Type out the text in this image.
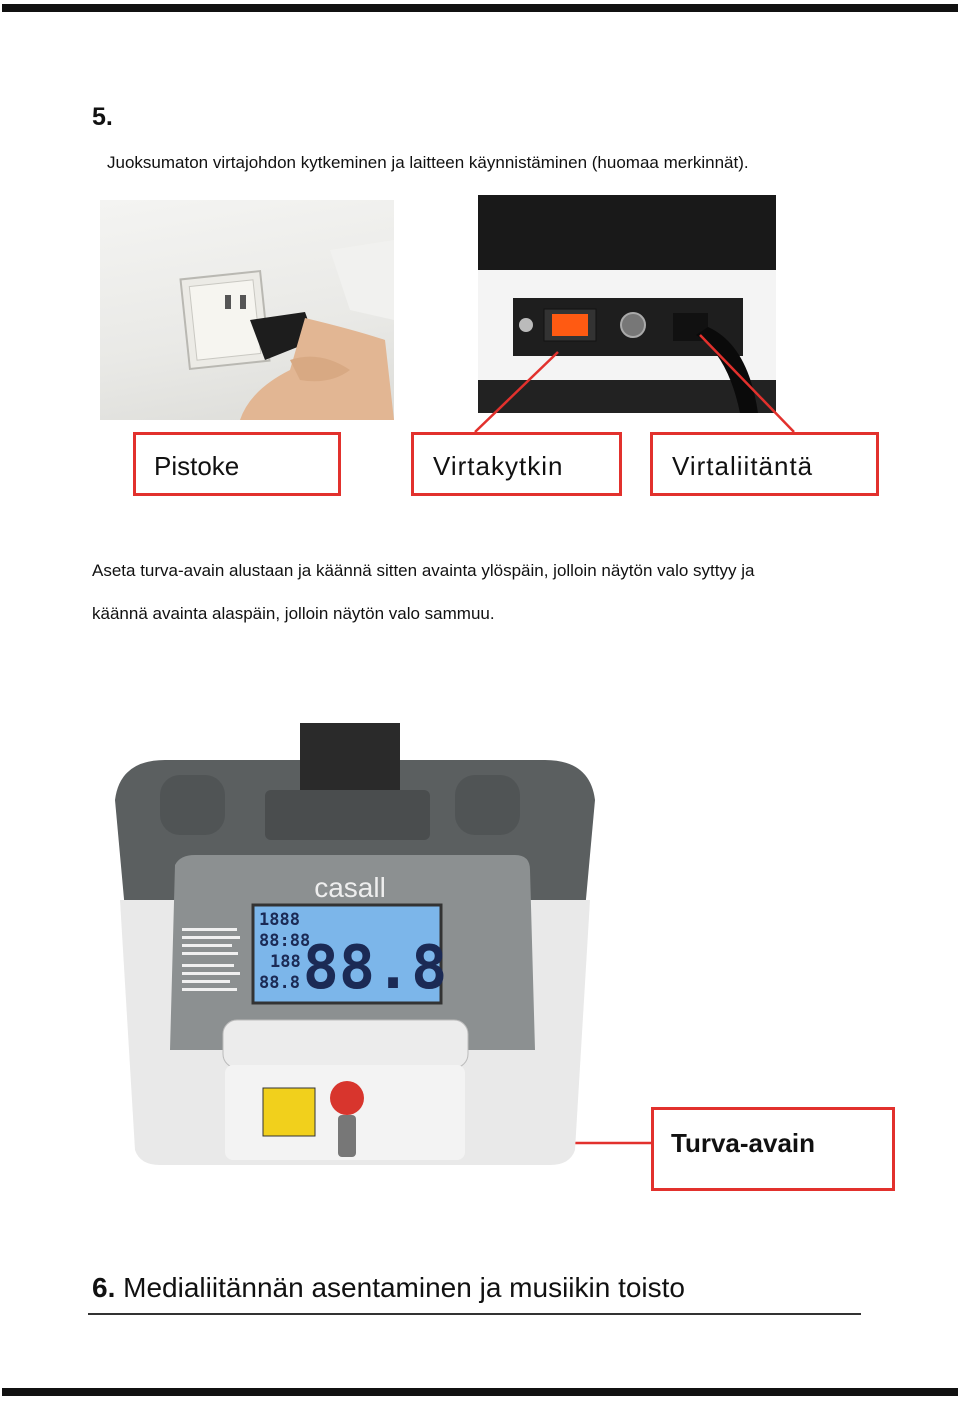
5.
Juoksumaton virtajohdon kytkeminen ja laitteen käynnistäminen (huomaa merkinnät).
Pistoke	Virtakytkin	Virtaliitäntä
Aseta turva-avain alustaan ja käännä sitten avainta ylöspäin, jolloin näytön valo syttyy ja
käännä avainta alaspäin, jolloin näytön valo sammuu.
casall
1888
88:88
188
88.8 88.8
Turva-avain
6. Medialiitännän asentaminen ja musiikin toisto
